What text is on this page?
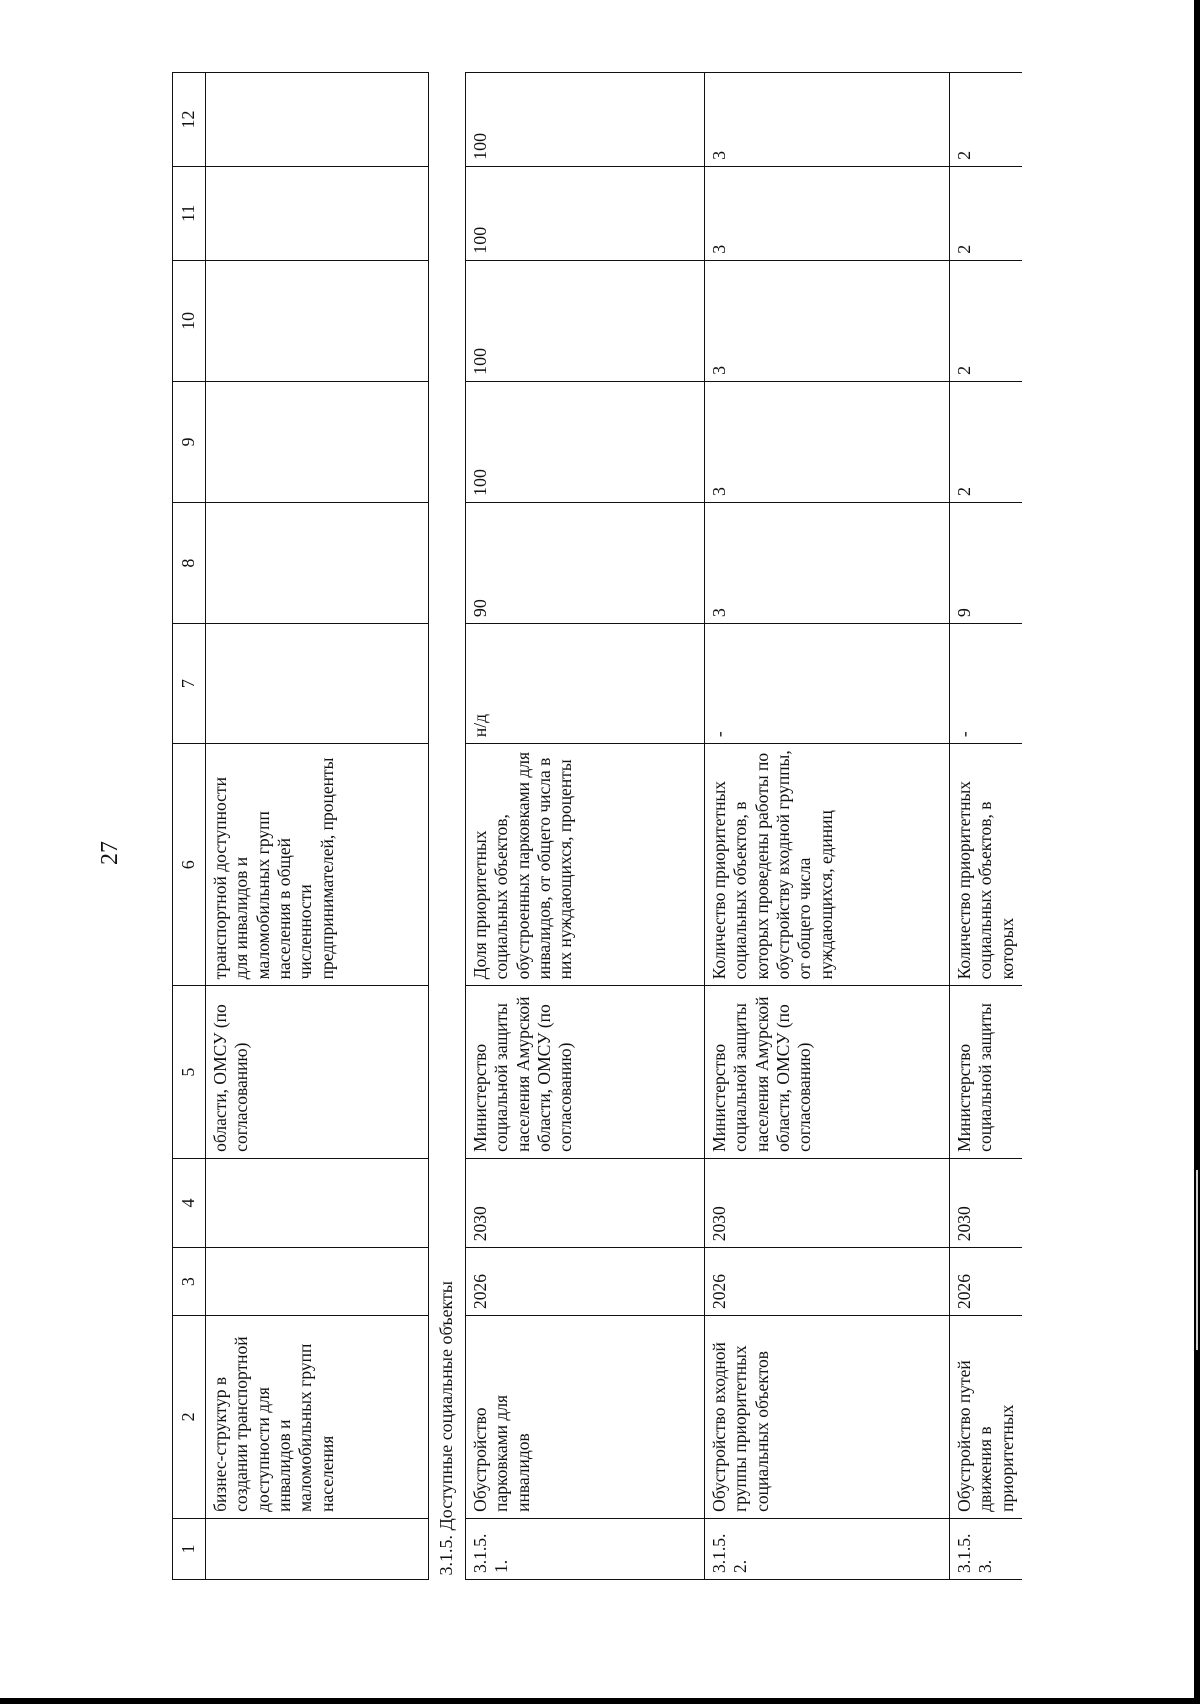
27
1	2	3	4	5	6	7	8	9	10	11	12
	бизнес-структур в создании транспортной доступности для инвалидов и маломобильных групп населения			области, ОМСУ (по согласованию)	транспортной доступности для инвалидов и маломобильных групп населения в общей численности предприниматeлей, проценты						
3.1.5. Доступные социальные объекты											
3.1.5.1.	Обустройство парковками для инвалидов	2026	2030	Министерство социальной защиты населения Амурской области, ОМСУ (по согласованию)	Доля приоритетных социальных объектов, обустроенных парковками для инвалидов, от общего числа в них нуждающихся, проценты	н/д	90	100	100	100	100
3.1.5.2.	Обустройство входной группы приоритетных социальных объектов	2026	2030	Министерство социальной защиты населения Амурской области, ОМСУ (по согласованию)	Количество приоритетных социальных объектов, в которых проведены работы по обустройству входной группы, от общего числа нуждающихся, единиц	-	3	3	3	3	3
3.1.5.3.	Обустройство путей движения в приоритетных	2026	2030	Министерство социальной защиты	Количество приоритетных социальных объектов, в которых	-	9	2	2	2	2
